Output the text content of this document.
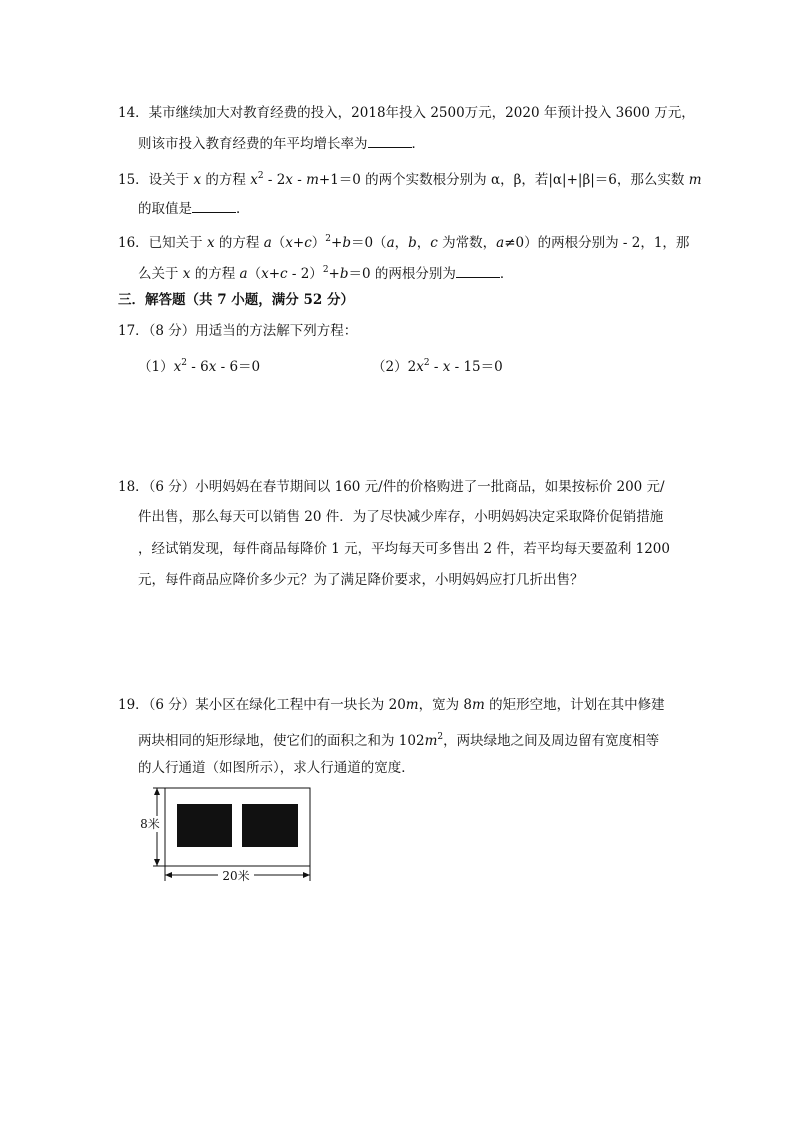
14．某市继续加大对教育经费的投入，2018年投入 2500万元，2020 年预计投入 3600 万元，
则该市投入教育经费的年平均增长率为	．
15．设关于 x 的方程 $x^2 - 2x - m+1=0$ 的两个实数根分别为 α，β，若|α|+|β|＝6，那么实数 m
的取值是	．
16．已知关于 x 的方程 $a(x+c)^2+b=0(a$，b，c 为常数，a≠0）的两根分别为 - 2，1，那
么关于 x 的方程 $a(x+c - 2)^2+b=0$ 的两根分别为	．
三．解答题（共 7 小题，满分 52 分）
17．（8 分）用适当的方法解下列方程：
$(1)x^2 - 6x - 6=0$	$(2)2x^2 - x - 15=0$
18．（6 分）小明妈妈在春节期间以 160 元/件的价格购进了一批商品，如果按标价 200 元/
件出售，那么每天可以销售 20 件．为了尽快减少库存，小明妈妈决定采取降价促销措施
，经试销发现，每件商品每降价 1 元，平均每天可多售出 2 件，若平均每天要盈利 1200
元，每件商品应降价多少元？为了满足降价要求，小明妈妈应打几折出售？
19．（6 分）某小区在绿化工程中有一块长为 20m，宽为 8m 的矩形空地，计划在其中修建
两块相同的矩形绿地，使它们的面积之和为 $102m^2$，两块绿地之间及周边留有宽度相等
的人行通道（如图所示），求人行通道的宽度．
8米
20米
